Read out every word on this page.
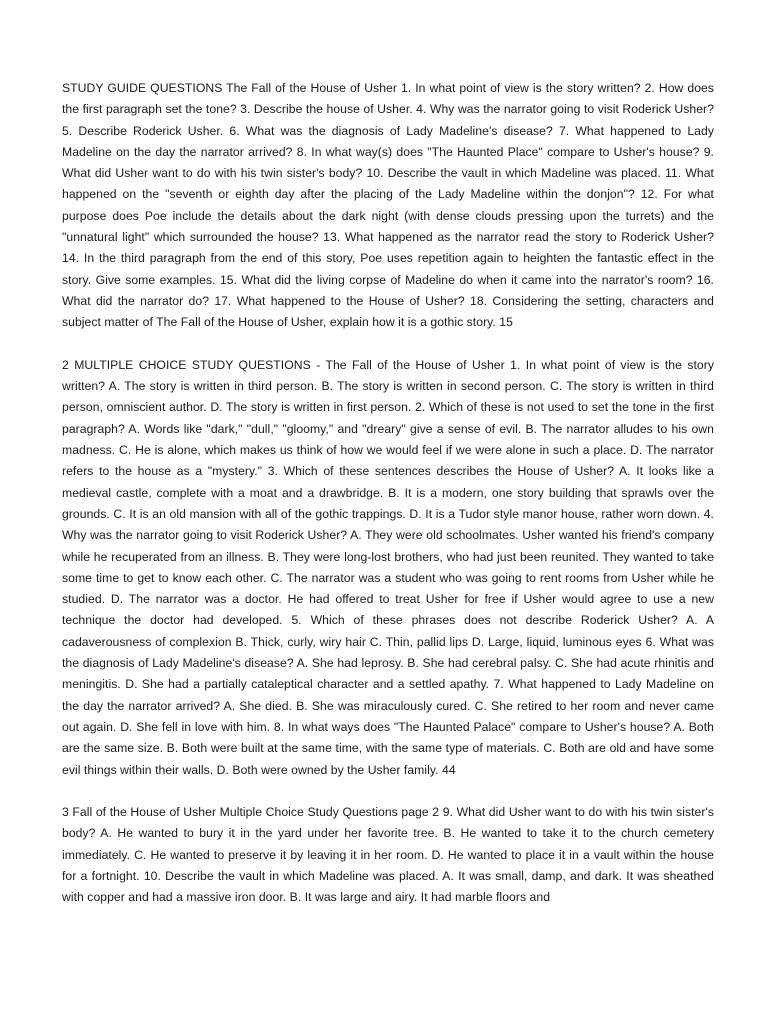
STUDY GUIDE QUESTIONS The Fall of the House of Usher 1. In what point of view is the story written? 2. How does the first paragraph set the tone? 3. Describe the house of Usher. 4. Why was the narrator going to visit Roderick Usher? 5. Describe Roderick Usher. 6. What was the diagnosis of Lady Madeline's disease? 7. What happened to Lady Madeline on the day the narrator arrived? 8. In what way(s) does "The Haunted Place" compare to Usher's house? 9. What did Usher want to do with his twin sister's body? 10. Describe the vault in which Madeline was placed. 11. What happened on the "seventh or eighth day after the placing of the Lady Madeline within the donjon"? 12. For what purpose does Poe include the details about the dark night (with dense clouds pressing upon the turrets) and the "unnatural light" which surrounded the house? 13. What happened as the narrator read the story to Roderick Usher? 14. In the third paragraph from the end of this story, Poe uses repetition again to heighten the fantastic effect in the story. Give some examples. 15. What did the living corpse of Madeline do when it came into the narrator's room? 16. What did the narrator do? 17. What happened to the House of Usher? 18. Considering the setting, characters and subject matter of The Fall of the House of Usher, explain how it is a gothic story. 15

2 MULTIPLE CHOICE STUDY QUESTIONS - The Fall of the House of Usher 1. In what point of view is the story written? A. The story is written in third person. B. The story is written in second person. C. The story is written in third person, omniscient author. D. The story is written in first person. 2. Which of these is not used to set the tone in the first paragraph? A. Words like "dark," "dull," "gloomy," and "dreary" give a sense of evil. B. The narrator alludes to his own madness. C. He is alone, which makes us think of how we would feel if we were alone in such a place. D. The narrator refers to the house as a "mystery." 3. Which of these sentences describes the House of Usher? A. It looks like a medieval castle, complete with a moat and a drawbridge. B. It is a modern, one story building that sprawls over the grounds. C. It is an old mansion with all of the gothic trappings. D. It is a Tudor style manor house, rather worn down. 4. Why was the narrator going to visit Roderick Usher? A. They were old schoolmates. Usher wanted his friend's company while he recuperated from an illness. B. They were long-lost brothers, who had just been reunited. They wanted to take some time to get to know each other. C. The narrator was a student who was going to rent rooms from Usher while he studied. D. The narrator was a doctor. He had offered to treat Usher for free if Usher would agree to use a new technique the doctor had developed. 5. Which of these phrases does not describe Roderick Usher? A. A cadaverousness of complexion B. Thick, curly, wiry hair C. Thin, pallid lips D. Large, liquid, luminous eyes 6. What was the diagnosis of Lady Madeline's disease? A. She had leprosy. B. She had cerebral palsy. C. She had acute rhinitis and meningitis. D. She had a partially cataleptical character and a settled apathy. 7. What happened to Lady Madeline on the day the narrator arrived? A. She died. B. She was miraculously cured. C. She retired to her room and never came out again. D. She fell in love with him. 8. In what ways does "The Haunted Palace" compare to Usher's house? A. Both are the same size. B. Both were built at the same time, with the same type of materials. C. Both are old and have some evil things within their walls. D. Both were owned by the Usher family. 44

3 Fall of the House of Usher Multiple Choice Study Questions page 2 9. What did Usher want to do with his twin sister's body? A. He wanted to bury it in the yard under her favorite tree. B. He wanted to take it to the church cemetery immediately. C. He wanted to preserve it by leaving it in her room. D. He wanted to place it in a vault within the house for a fortnight. 10. Describe the vault in which Madeline was placed. A. It was small, damp, and dark. It was sheathed with copper and had a massive iron door. B. It was large and airy. It had marble floors and
